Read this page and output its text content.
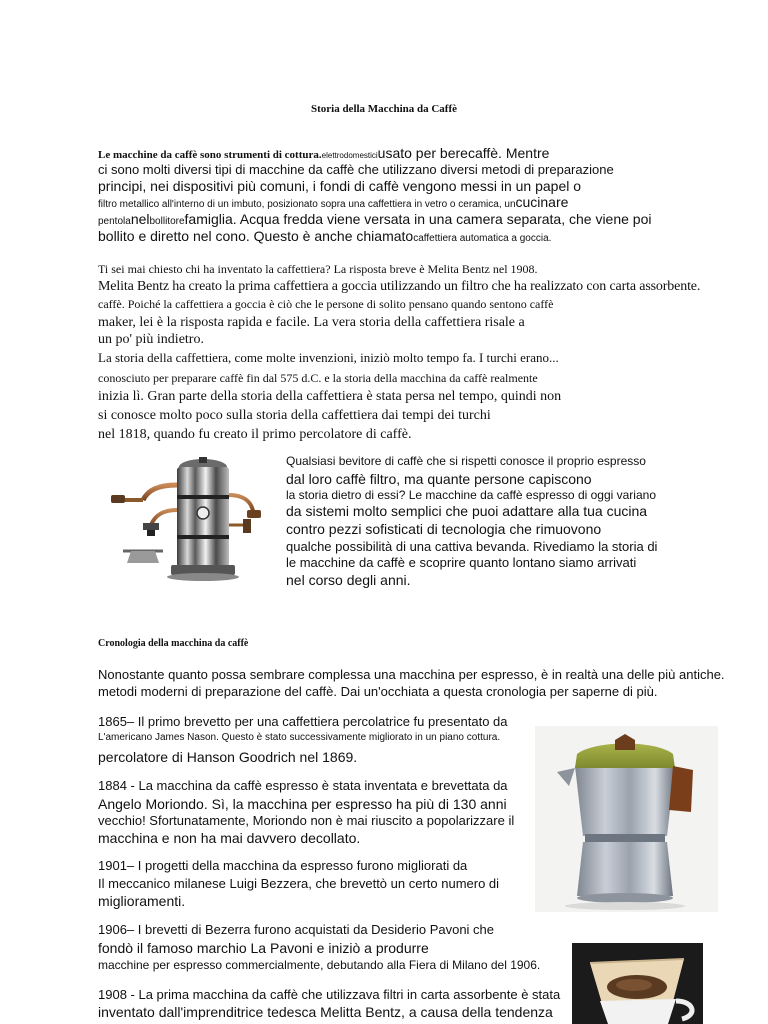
Storia della Macchina da Caffè
Le macchine da caffè sono strumenti di cottura.elettrodomesticiusato per berecaffè. Mentre
ci sono molti diversi tipi di macchine da caffè che utilizzano diversi metodi di preparazione
principi, nei dispositivi più comuni, i fondi di caffè vengono messi in un papel o
filtro metallico all'interno di un imbuto, posizionato sopra una caffettiera in vetro o ceramica, uncucinare
pentolanelbollitorefamiglia. Acqua fredda viene versata in una camera separata, che viene poi
bollito e diretto nel cono. Questo è anche chiamatocaffettiera automatica a goccia.
Ti sei mai chiesto chi ha inventato la caffettiera? La risposta breve è Melita Bentz nel 1908.
Melita Bentz ha creato la prima caffettiera a goccia utilizzando un filtro che ha realizzato con carta assorbente.
caffè. Poiché la caffettiera a goccia è ciò che le persone di solito pensano quando sentono caffè
maker, lei è la risposta rapida e facile. La vera storia della caffettiera risale a
un po' più indietro.
La storia della caffettiera, come molte invenzioni, iniziò molto tempo fa. I turchi erano...
conosciuto per preparare caffè fin dal 575 d.C. e la storia della macchina da caffè realmente
inizia lì. Gran parte della storia della caffettiera è stata persa nel tempo, quindi non
si conosce molto poco sulla storia della caffettiera dai tempi dei turchi
nel 1818, quando fu creato il primo percolatore di caffè.
Qualsiasi bevitore di caffè che si rispetti conosce il proprio espresso
dal loro caffè filtro, ma quante persone capiscono
la storia dietro di essi? Le macchine da caffè espresso di oggi variano
da sistemi molto semplici che puoi adattare alla tua cucina
contro pezzi sofisticati di tecnologia che rimuovono
qualche possibilità di una cattiva bevanda. Rivediamo la storia di
le macchine da caffè e scoprire quanto lontano siamo arrivati
nel corso degli anni.
Cronologia della macchina da caffè
Nonostante quanto possa sembrare complessa una macchina per espresso, è in realtà una delle più antiche.
metodi moderni di preparazione del caffè. Dai un'occhiata a questa cronologia per saperne di più.
1865– Il primo brevetto per una caffettiera percolatrice fu presentato da
L'americano James Nason. Questo è stato successivamente migliorato in un piano cottura.
percolatore di Hanson Goodrich nel 1869.
1884 - La macchina da caffè espresso è stata inventata e brevettata da
Angelo Moriondo. Sì, la macchina per espresso ha più di 130 anni
vecchio! Sfortunatamente, Moriondo non è mai riuscito a popolarizzare il
macchina e non ha mai davvero decollato.
1901– I progetti della macchina da espresso furono migliorati da
Il meccanico milanese Luigi Bezzera, che brevettò un certo numero di
miglioramenti.
1906– I brevetti di Bezerra furono acquistati da Desiderio Pavoni che
fondò il famoso marchio La Pavoni e iniziò a produrre
macchine per espresso commercialmente, debutando alla Fiera di Milano del 1906.
1908 - La prima macchina da caffè che utilizzava filtri in carta assorbente è stata
inventato dall'imprenditrice tedesca Melitta Bentz, a causa della tendenza
